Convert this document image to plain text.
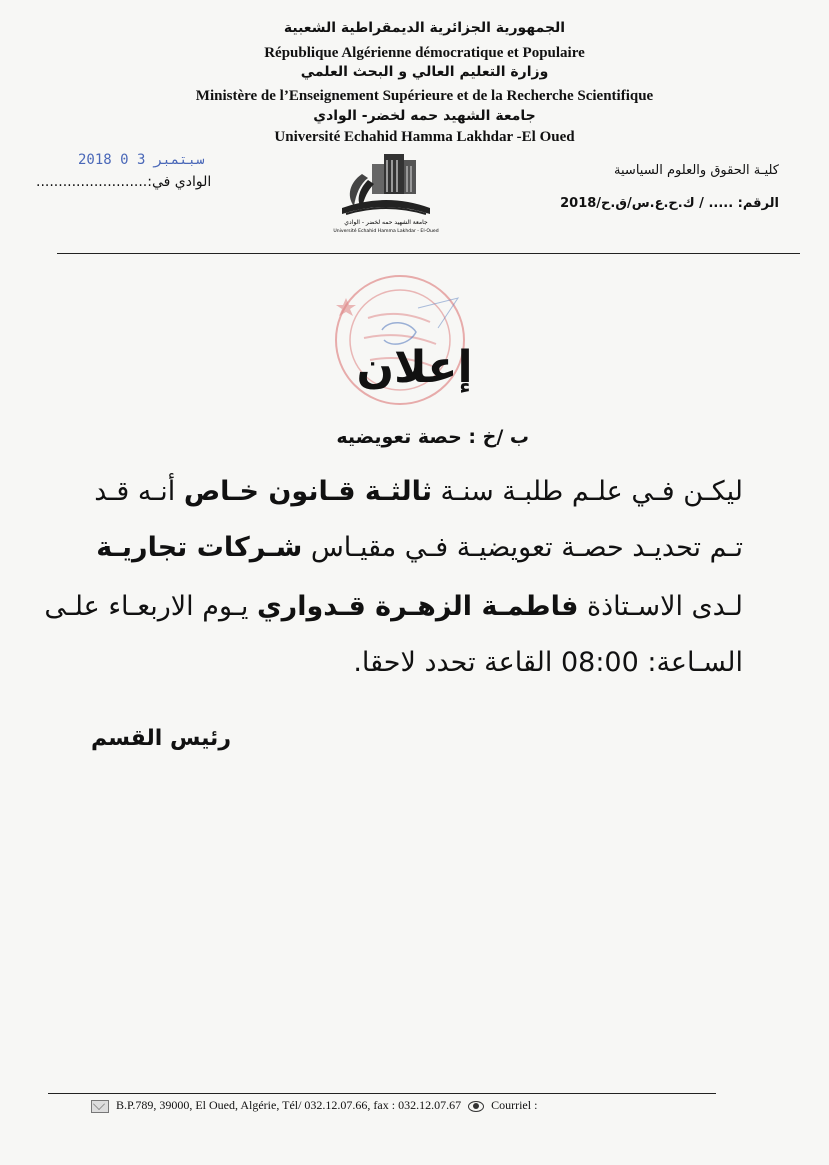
الجمهورية الجزائرية الديمقراطية الشعبية
République Algérienne démocratique et Populaire
وزارة التعليم العالي و البحث العلمي
Ministère de l’Enseignement Supérieure et de la Recherche Scientifique
جامعة الشهيد حمه لخضر- الوادي
Université Echahid Hamma Lakhdar -El Oued
2018 سبتمبر 3 0
الوادي في:.........................
كليـة الحقوق والعلوم السياسية
الرقم: ..... / ك.ح.ع.س/ق.ح/2018
جامعة الشهيد حمه لخضر - الوادي
Université Echahid Hamma Lakhdar - El-Oued
إعلان
ب /خ : حصة تعويضيه
ليكـن فـي علـم طلبـة سنـة ثالثـة قـانون خـاص أنـه قـد
تـم تحديـد حصـة تعويضيـة فـي مقيـاس شـركات تجاريـة
لـدى الاسـتاذة فاطمـة الزهـرة قـدواري يـوم الاربعـاء علـى
السـاعة: 08:00 القاعة تحدد لاحقا.
رئيس القسم
B.P.789, 39000, El Oued, Algérie, Tél/ 032.12.07.66, fax : 032.12.07.67	Courriel :
